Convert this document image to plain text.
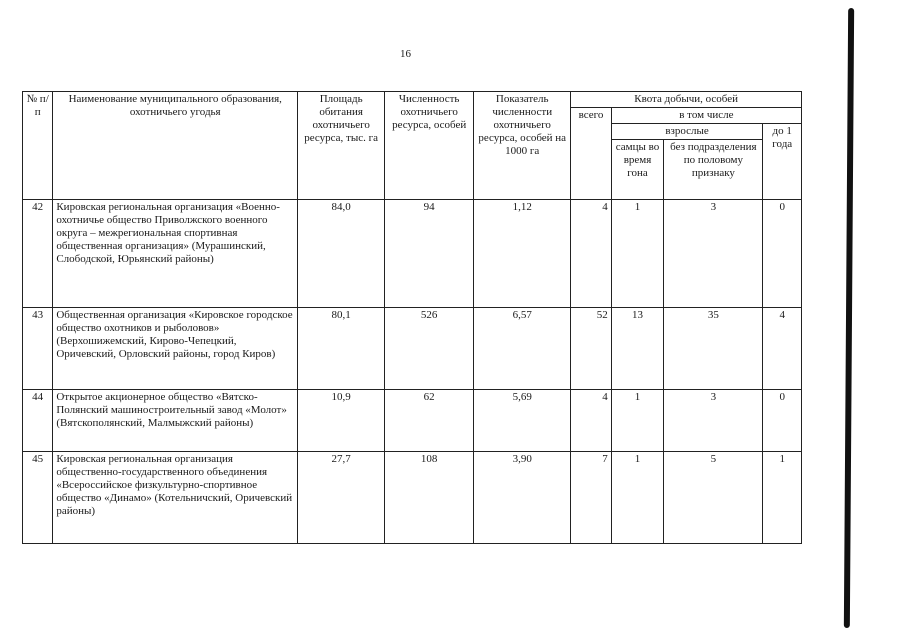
16
№ п/п	Наименование муниципального образования, охотничьего угодья	Площадь обитания охотничьего ресурса, тыс. га	Численность охотничьего ресурса, особей	Показатель численности охотничьего ресурса, особей на 1000 га	Квота добычи, особей			
					всего	в том числе		
						взрослые		до 1 года
						самцы во время гона	без подразделения по половому признаку	
42	Кировская региональная организация «Военно-охотничье общество Приволжского военного округа – межрегиональная спортивная общественная организация» (Мурашинский, Слободской, Юрьянский районы)	84,0	94	1,12	4	1	3	0
43	Общественная организация «Кировское городское общество охотников и рыболовов» (Верхошижемский, Кирово-Чепецкий, Оричевский, Орловский районы, город Киров)	80,1	526	6,57	52	13	35	4
44	Открытое акционерное общество «Вятско-Полянский машиностроительный завод «Молот» (Вятскополянский, Малмыжский районы)	10,9	62	5,69	4	1	3	0
45	Кировская региональная организация общественно-государственного объединения «Всероссийское физкультурно-спортивное общество «Динамо» (Котельничский, Оричевский районы)	27,7	108	3,90	7	1	5	1
